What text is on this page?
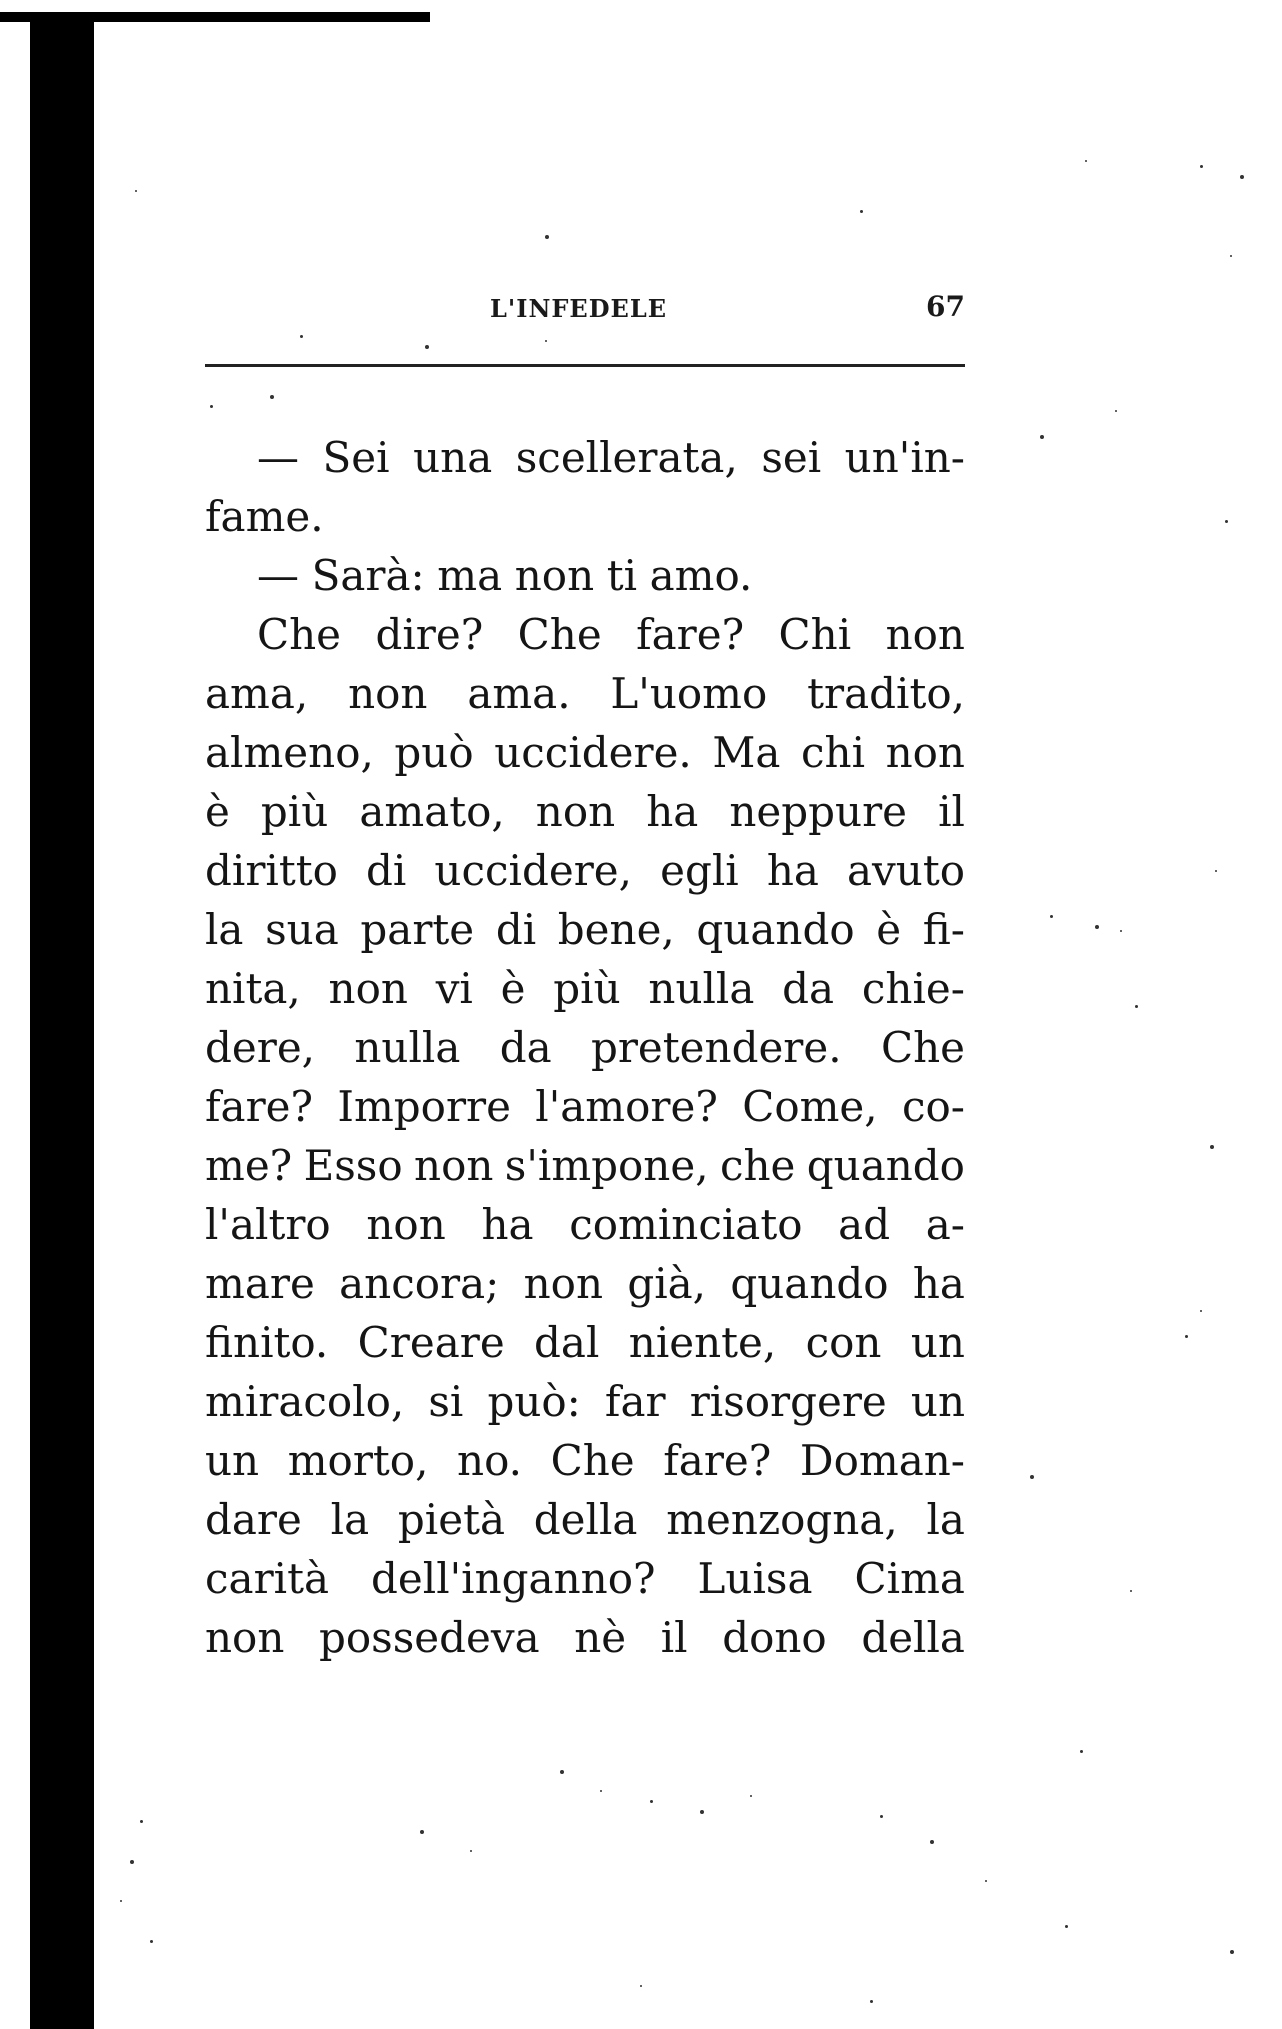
L'INFEDELE	67
— Sei una scellerata, sei un'in-
fame.
— Sarà: ma non ti amo.
Che dire? Che fare? Chi non
ama, non ama. L'uomo tradito,
almeno, può uccidere. Ma chi non
è più amato, non ha neppure il
diritto di uccidere, egli ha avuto
la sua parte di bene, quando è fi-
nita, non vi è più nulla da chie-
dere, nulla da pretendere. Che
fare? Imporre l'amore? Come, co-
me? Esso non s'impone, che quando
l'altro non ha cominciato ad a-
mare ancora; non già, quando ha
finito. Creare dal niente, con un
miracolo, si può: far risorgere un
un morto, no. Che fare? Doman-
dare la pietà della menzogna, la
carità dell'inganno? Luisa Cima
non possedeva nè il dono della
